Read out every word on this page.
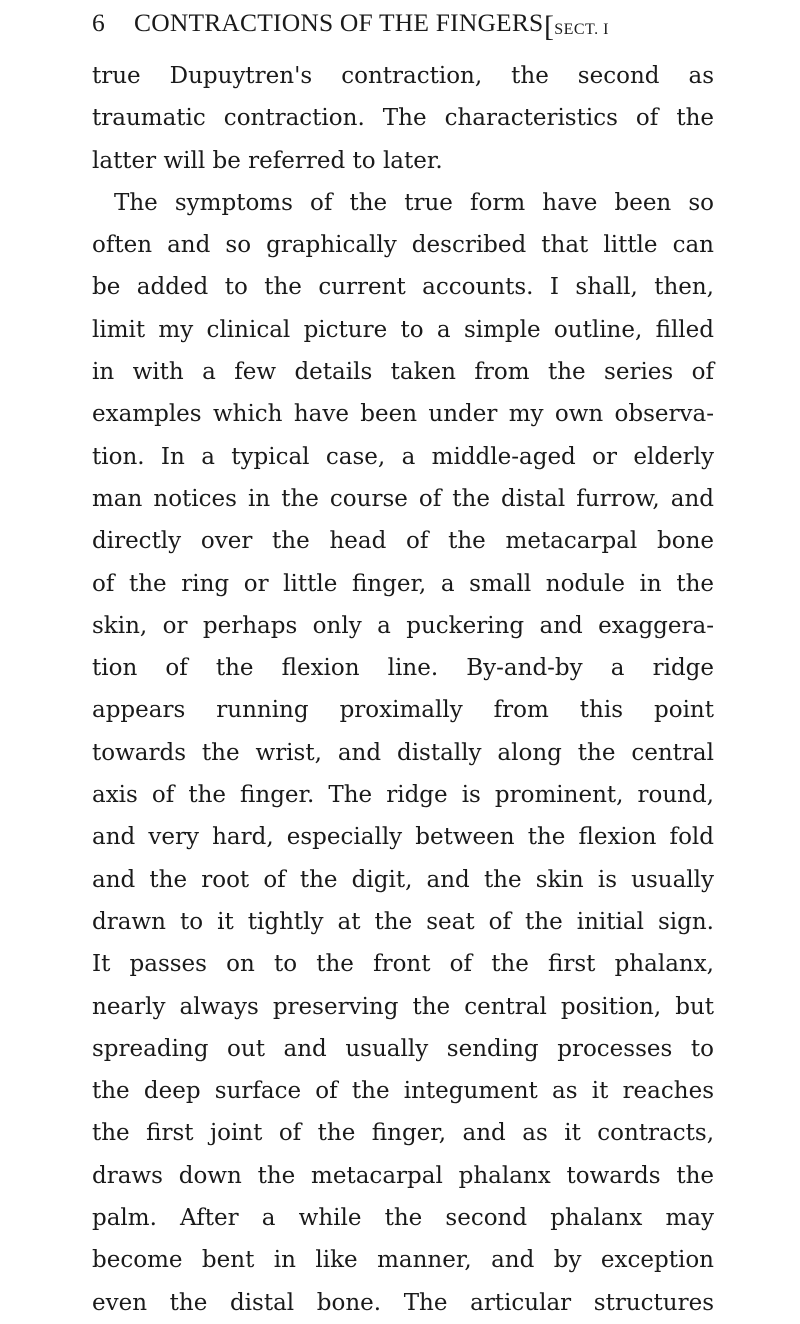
6 CONTRACTIONS OF THE FINGERS [SECT. I
true Dupuytren's contraction, the second as
traumatic contraction. The characteristics of the
latter will be referred to later.
The symptoms of the true form have been so
often and so graphically described that little can
be added to the current accounts. I shall, then,
limit my clinical picture to a simple outline, filled
in with a few details taken from the series of
examples which have been under my own observa-
tion. In a typical case, a middle-aged or elderly
man notices in the course of the distal furrow, and
directly over the head of the metacarpal bone
of the ring or little finger, a small nodule in the
skin, or perhaps only a puckering and exaggera-
tion of the flexion line. By-and-by a ridge
appears running proximally from this point
towards the wrist, and distally along the central
axis of the finger. The ridge is prominent, round,
and very hard, especially between the flexion fold
and the root of the digit, and the skin is usually
drawn to it tightly at the seat of the initial sign.
It passes on to the front of the first phalanx,
nearly always preserving the central position, but
spreading out and usually sending processes to
the deep surface of the integument as it reaches
the first joint of the finger, and as it contracts,
draws down the metacarpal phalanx towards the
palm. After a while the second phalanx may
become bent in like manner, and by exception
even the distal bone. The articular structures
